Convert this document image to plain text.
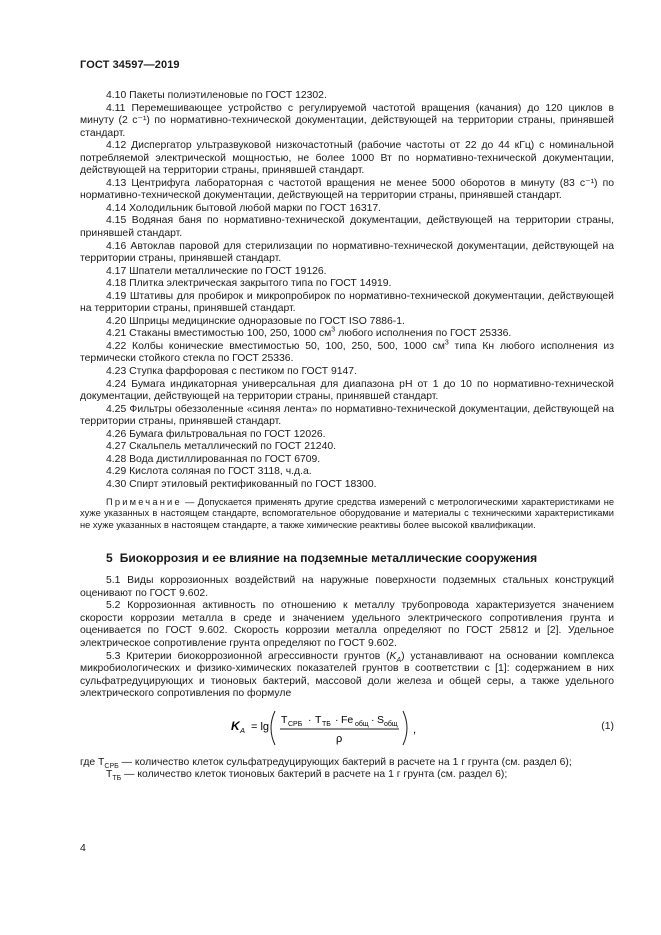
ГОСТ 34597—2019

4.10 Пакеты полиэтиленовые по ГОСТ 12302.

4.11 Перемешивающее устройство с регулируемой частотой вращения (качания) до 120 циклов в минуту (2 с⁻¹) по нормативно-технической документации, действующей на территории страны, принявшей стандарт.

4.12 Диспергатор ультразвуковой низкочастотный (рабочие частоты от 22 до 44 кГц) с номинальной потребляемой электрической мощностью, не более 1000 Вт по нормативно-технической документации, действующей на территории страны, принявшей стандарт.

4.13 Центрифуга лабораторная с частотой вращения не менее 5000 оборотов в минуту (83 с⁻¹) по нормативно-технической документации, действующей на территории страны, принявшей стандарт.

4.14 Холодильник бытовой любой марки по ГОСТ 16317.

4.15 Водяная баня по нормативно-технической документации, действующей на территории страны, принявшей стандарт.

4.16 Автоклав паровой для стерилизации по нормативно-технической документации, действующей на территории страны, принявшей стандарт.

4.17 Шпатели металлические по ГОСТ 19126.

4.18 Плитка электрическая закрытого типа по ГОСТ 14919.

4.19 Штативы для пробирок и микропробирок по нормативно-технической документации, действующей на территории страны, принявшей стандарт.

4.20 Шприцы медицинские одноразовые по ГОСТ ISO 7886-1.

4.21 Стаканы вместимостью 100, 250, 1000 $см^3$ любого исполнения по ГОСТ 25336.

4.22 Колбы конические вместимостью 50, 100, 250, 500, 1000 $см^3$ типа Кн любого исполнения из термически стойкого стекла по ГОСТ 25336.

4.23 Ступка фарфоровая с пестиком по ГОСТ 9147.

4.24 Бумага индикаторная универсальная для диапазона рН от 1 до 10 по нормативно-технической документации, действующей на территории страны, принявшей стандарт.

4.25 Фильтры обеззоленные «синяя лента» по нормативно-технической документации, действующей на территории страны, принявшей стандарт.

4.26 Бумага фильтровальная по ГОСТ 12026.

4.27 Скальпель металлический по ГОСТ 21240.

4.28 Вода дистиллированная по ГОСТ 6709.

4.29 Кислота соляная по ГОСТ 3118, ч.д.а.

4.30 Спирт этиловый ректификованный по ГОСТ 18300.

Примечание — Допускается применять другие средства измерений с метрологическими характеристиками не хуже указанных в настоящем стандарте, вспомогательное оборудование и материалы с техническими характеристиками не хуже указанных в настоящем стандарте, а также химические реактивы более высокой квалификации.

5 Биокоррозия и ее влияние на подземные металлические сооружения

5.1 Виды коррозионных воздействий на наружные поверхности подземных стальных конструкций оценивают по ГОСТ 9.602.

5.2 Коррозионная активность по отношению к металлу трубопровода характеризуется значением скорости коррозии металла в среде и значением удельного электрического сопротивления грунта и оценивается по ГОСТ 9.602. Скорость коррозии металла определяют по ГОСТ 25812 и [2]. Удельное электрическое сопротивление грунта определяют по ГОСТ 9.602.

5.3 Критерии биокоррозионной агрессивности грунтов $(K_A)$ устанавливают на основании комплекса микробиологических и физико-химических показателей грунтов в соответствии с [1]: содержанием в них сульфатредуцирующих и тионовых бактерий, массовой доли железа и общей серы, а также удельного электрического сопротивления по формуле

K A = lg
T СРБ · T ТБ · Fe общ · S общ
ρ
,	(1)

где $T_{СРБ}$ — количество клеток сульфатредуцирующих бактерий в расчете на 1 г грунта (см. раздел 6);

$T_{ТБ}$ — количество клеток тионовых бактерий в расчете на 1 г грунта (см. раздел 6);

4
